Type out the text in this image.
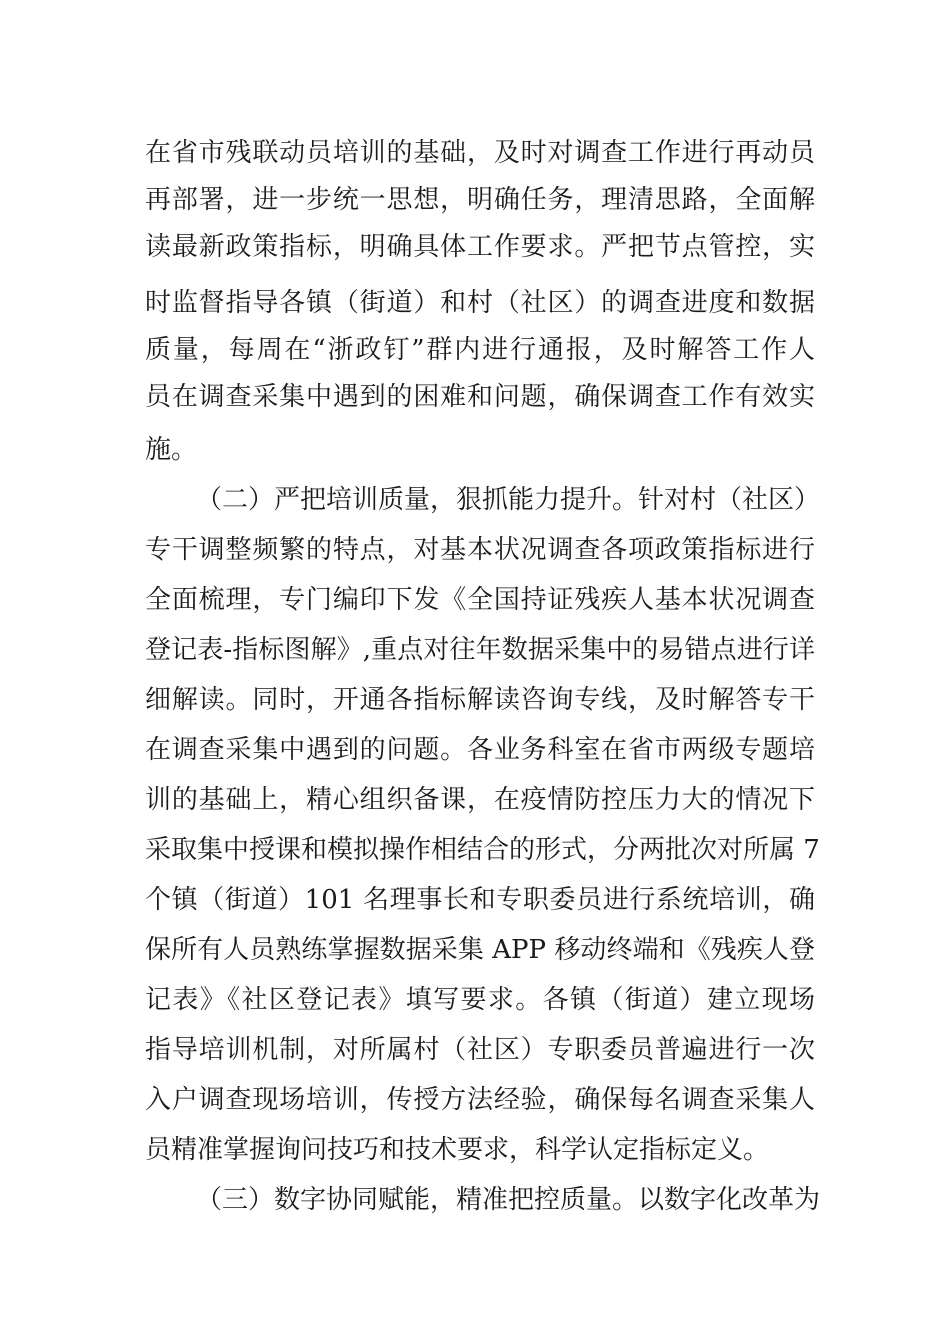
在省市残联动员培训的基础，及时对调查工作进行再动员
再部署，进一步统一思想，明确任务，理清思路，全面解
读最新政策指标，明确具体工作要求。严把节点管控，实
时监督指导各镇（街道）和村（社区）的调查进度和数据
质量，每周在“浙政钉”群内进行通报，及时解答工作人
员在调查采集中遇到的困难和问题，确保调查工作有效实
施。
（二）严把培训质量，狠抓能力提升。针对村（社区）
专干调整频繁的特点，对基本状况调查各项政策指标进行
全面梳理，专门编印下发《全国持证残疾人基本状况调查
登记表-指标图解》,重点对往年数据采集中的易错点进行详
细解读。同时，开通各指标解读咨询专线，及时解答专干
在调查采集中遇到的问题。各业务科室在省市两级专题培
训的基础上，精心组织备课，在疫情防控压力大的情况下
采取集中授课和模拟操作相结合的形式，分两批次对所属 7
个镇（街道）101 名理事长和专职委员进行系统培训，确
保所有人员熟练掌握数据采集 APP 移动终端和《残疾人登
记表》《社区登记表》填写要求。各镇（街道）建立现场
指导培训机制，对所属村（社区）专职委员普遍进行一次
入户调查现场培训，传授方法经验，确保每名调查采集人
员精准掌握询问技巧和技术要求，科学认定指标定义。
（三）数字协同赋能，精准把控质量。以数字化改革为
